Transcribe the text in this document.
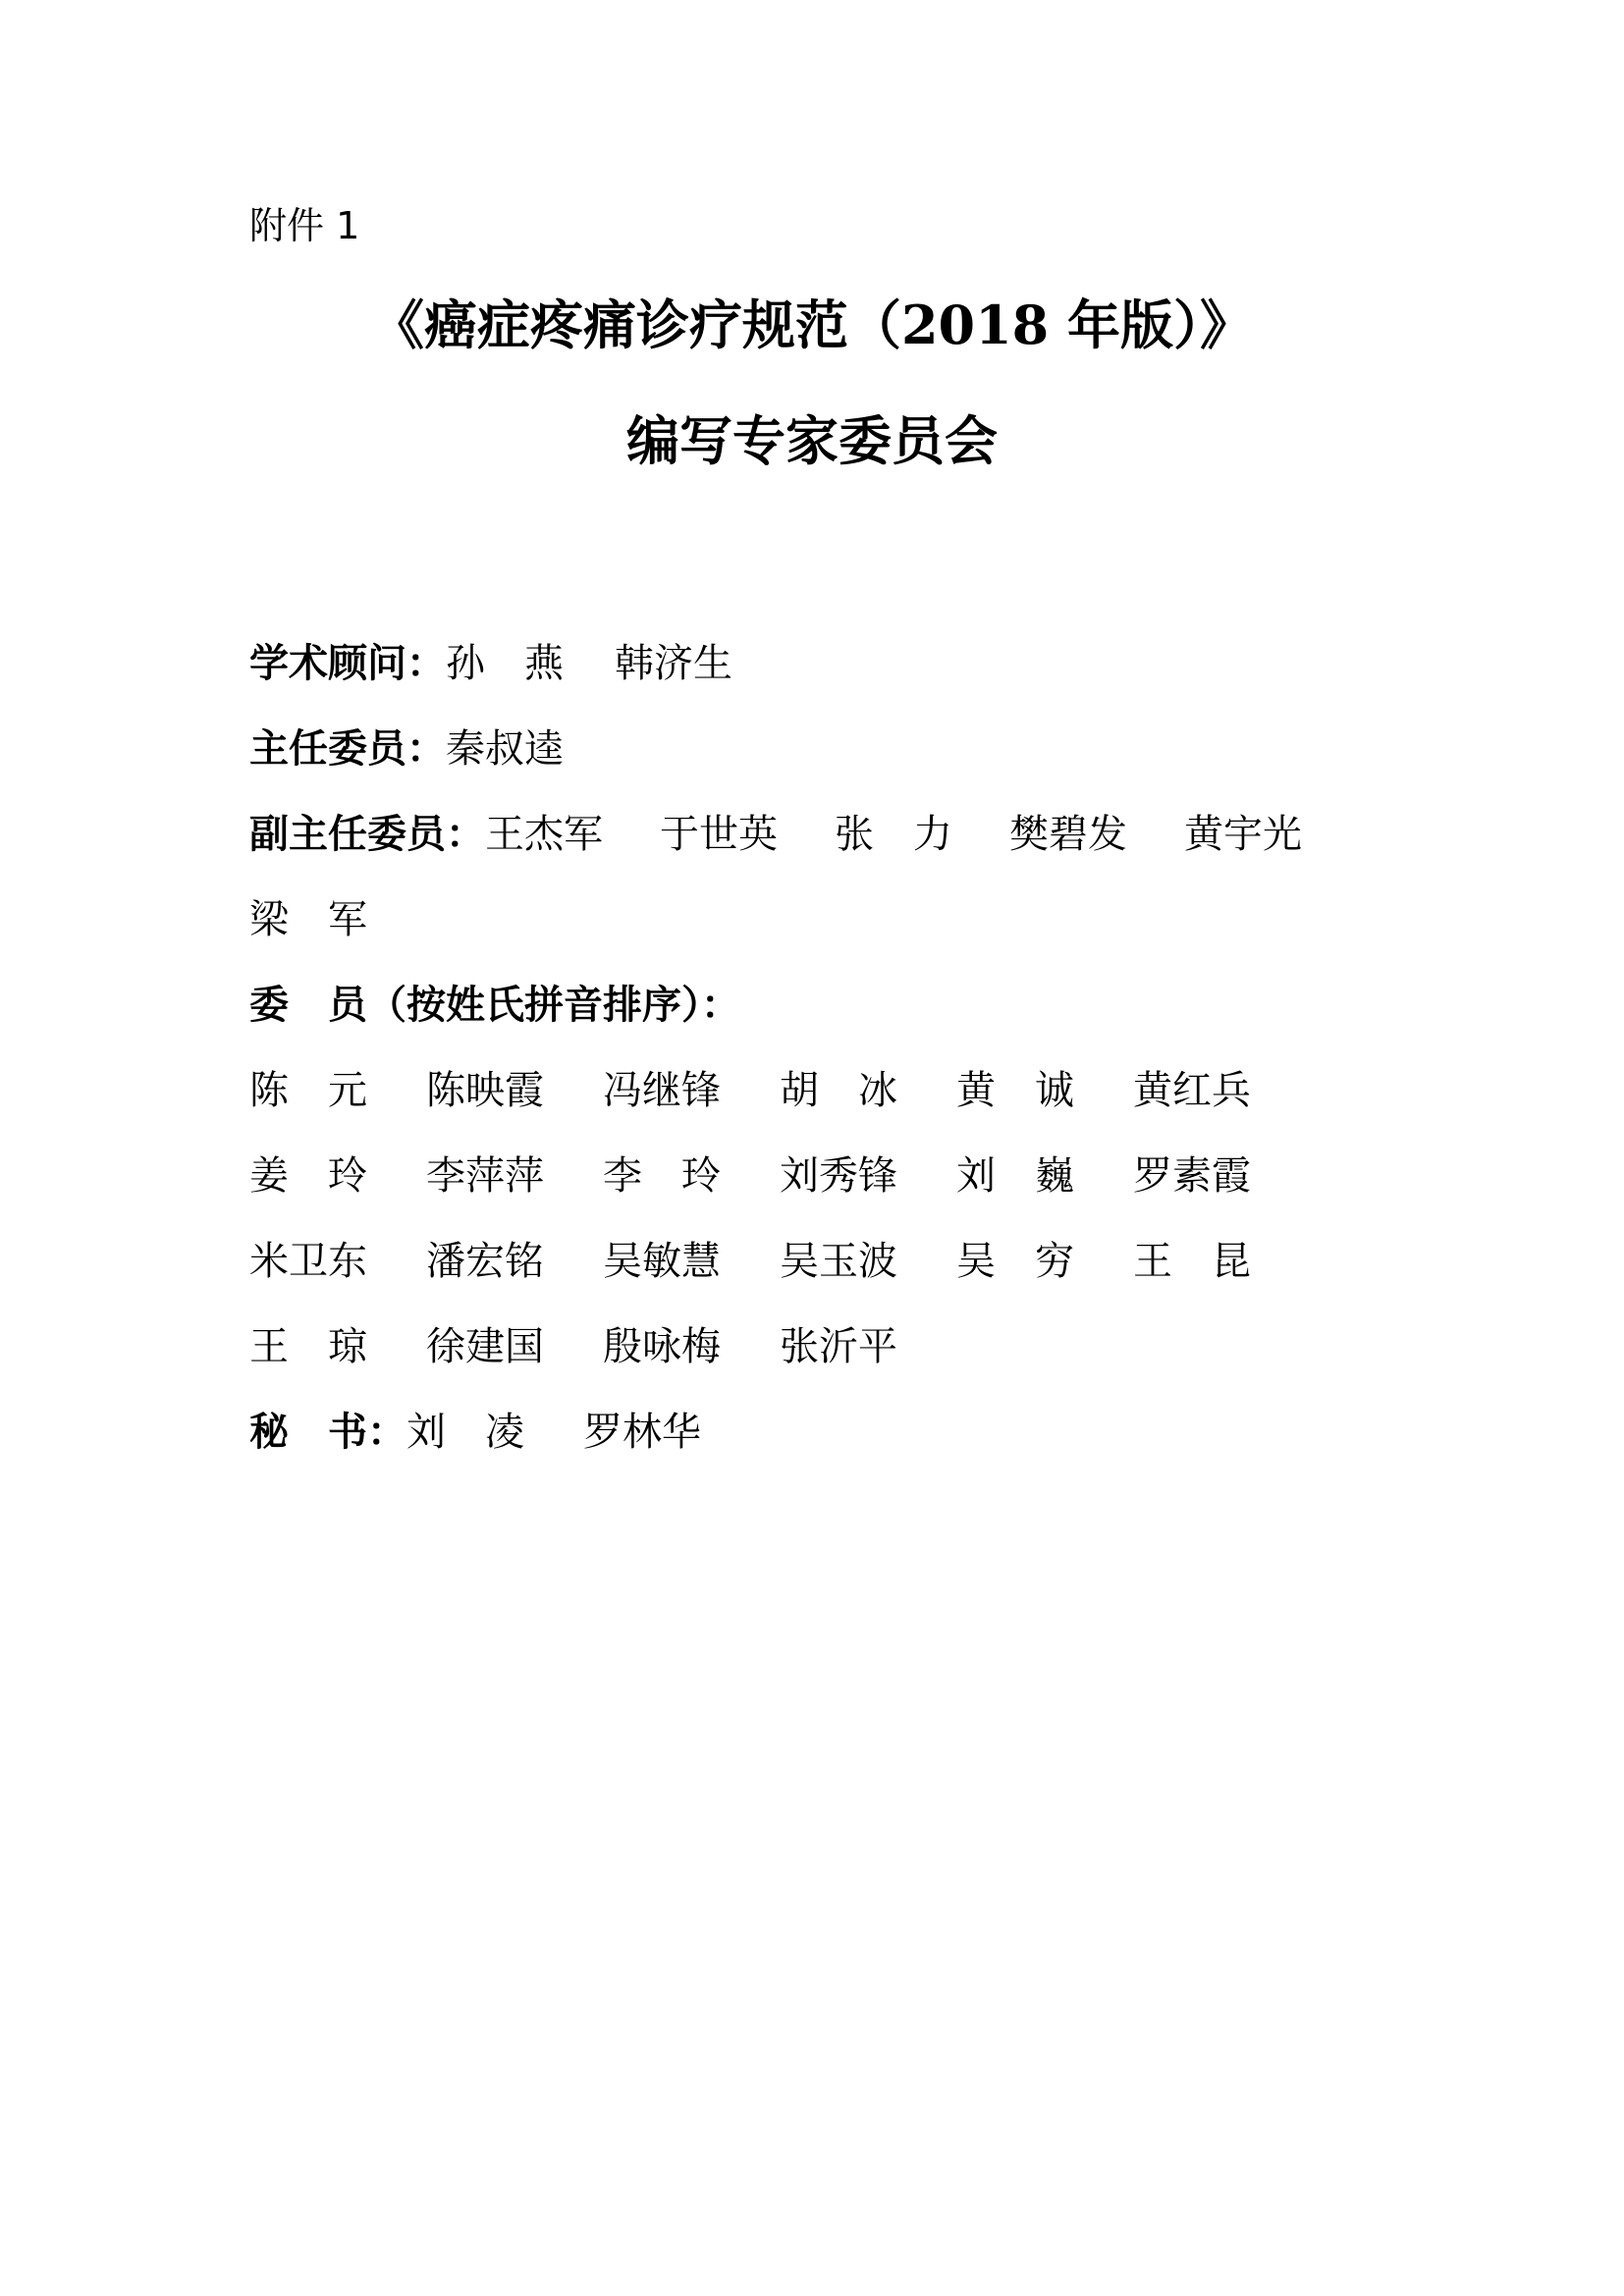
附件 1
《癌症疼痛诊疗规范（2018 年版）》
编写专家委员会
学术顾问： 孙　燕	韩济生
主任委员： 秦叔逵
副主任委员： 王杰军	于世英	张　力	樊碧发	黄宇光
梁　军
委　员（按姓氏拼音排序）：
陈　元	陈映霞	冯继锋	胡　冰	黄　诚	黄红兵
姜　玲	李萍萍	李　玲	刘秀锋	刘　巍	罗素霞
米卫东	潘宏铭	吴敏慧	吴玉波	吴　穷	王　昆
王　琼	徐建国	殷咏梅	张沂平
秘　书： 刘　凌	罗林华
